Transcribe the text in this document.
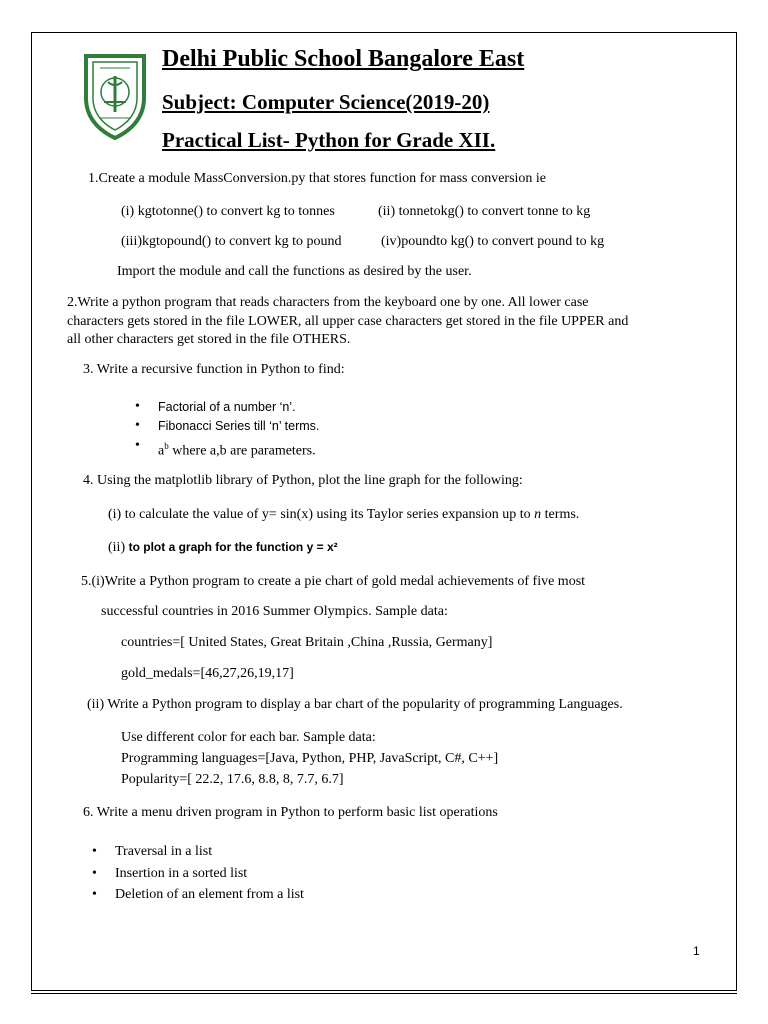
Delhi Public School Bangalore East
Subject: Computer Science(2019-20)
Practical List- Python for Grade XII.
1.Create a module MassConversion.py that stores function for mass conversion ie
(i) kgtotonne() to convert kg to tonnes	(ii) tonnetokg() to convert tonne to kg
(iii)kgtopound() to convert kg to pound	(iv)poundto kg() to convert pound to kg
Import the module and call the functions as desired by the user.
2.Write a python program that reads characters from the keyboard one by one. All lower case
characters gets stored in the file LOWER, all upper case characters get stored in the file UPPER and
all other characters get stored in the file OTHERS.
3. Write a recursive function in Python to find:
• Factorial of a number ‘n’.
• Fibonacci Series till ‘n’ terms.
• $a^b$ where a,b are parameters.
4. Using the matplotlib library of Python, plot the line graph for the following:
(i) to calculate the value of y= sin(x) using its Taylor series expansion up to n terms.
(ii) to plot a graph for the function y = x²
5.(i)Write a Python program to create a pie chart of gold medal achievements of five most
successful countries in 2016 Summer Olympics. Sample data:
countries=[ United States, Great Britain ,China ,Russia, Germany]
gold_medals=[46,27,26,19,17]
(ii) Write a Python program to display a bar chart of the popularity of programming Languages.
Use different color for each bar. Sample data:
Programming languages=[Java, Python, PHP, JavaScript, C#, C++]
Popularity=[ 22.2, 17.6, 8.8, 8, 7.7, 6.7]
6. Write a menu driven program in Python to perform basic list operations
• Traversal in a list
• Insertion in a sorted list
• Deletion of an element from a list
1
